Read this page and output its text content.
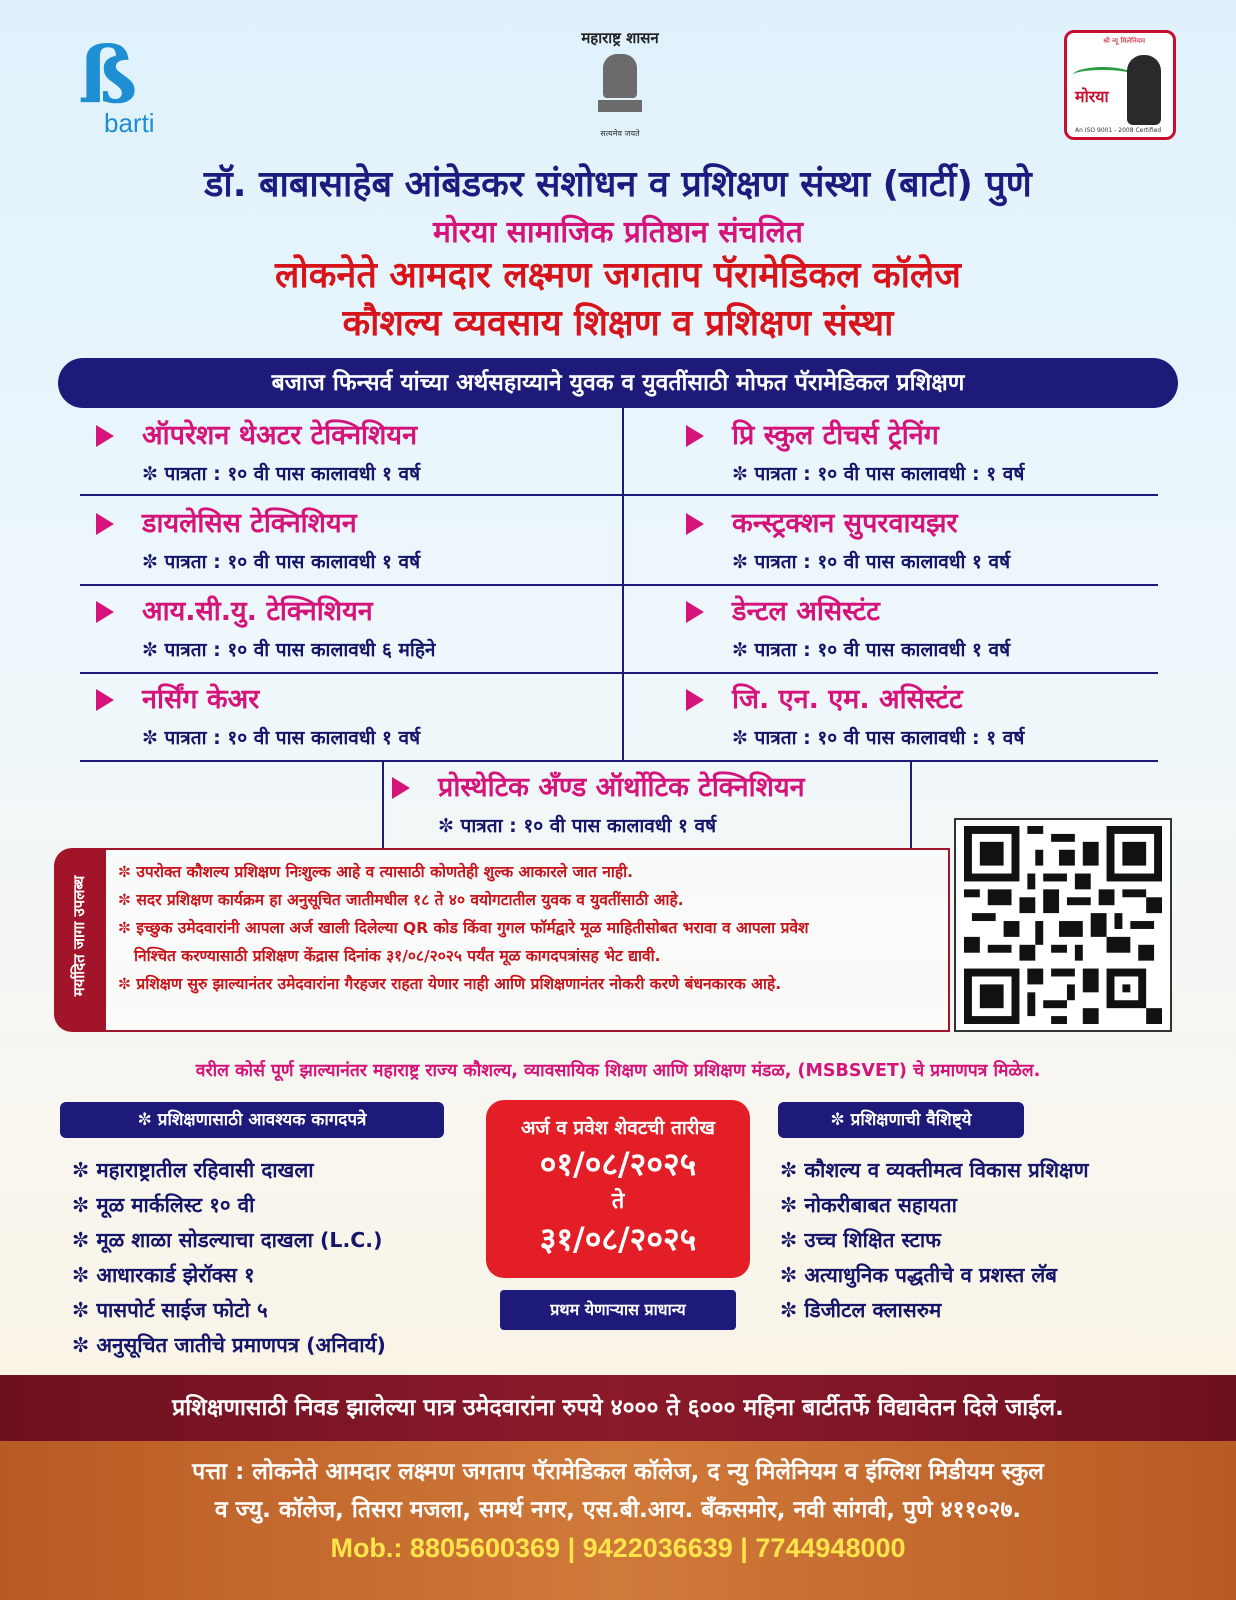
ß
barti
महाराष्ट्र शासन
सत्यमेव जयते
श्री न्यू मिलेनियम
मोरया
An ISO 9001 - 2008 Certified
डॉ. बाबासाहेब आंबेडकर संशोधन व प्रशिक्षण संस्था (बार्टी) पुणे
मोरया सामाजिक प्रतिष्ठान संचलित
लोकनेते आमदार लक्ष्मण जगताप पॅरामेडिकल कॉलेज
कौशल्य व्यवसाय शिक्षण व प्रशिक्षण संस्था
बजाज फिन्सर्व यांच्या अर्थसहाय्याने युवक व युवतींसाठी मोफत पॅरामेडिकल प्रशिक्षण
ऑपरेशन थेअटर टेक्निशियन
✼ पात्रता : १० वी पास कालावधी १ वर्ष
प्रि स्कुल टीचर्स ट्रेनिंग
✼ पात्रता : १० वी पास कालावधी : १ वर्ष
डायलेसिस टेक्निशियन
✼ पात्रता : १० वी पास कालावधी १ वर्ष
कन्स्ट्रक्शन सुपरवायझर
✼ पात्रता : १० वी पास कालावधी १ वर्ष
आय.सी.यु. टेक्निशियन
✼ पात्रता : १० वी पास कालावधी ६ महिने
डेन्टल असिस्टंट
✼ पात्रता : १० वी पास कालावधी १ वर्ष
नर्सिंग केअर
✼ पात्रता : १० वी पास कालावधी १ वर्ष
जि. एन. एम. असिस्टंट
✼ पात्रता : १० वी पास कालावधी : १ वर्ष
प्रोस्थेटिक अँण्ड ऑर्थोटिक टेक्निशियन
✼ पात्रता : १० वी पास कालावधी १ वर्ष
मर्यादित जागा उपलब्ध

✼ उपरोक्त कौशल्य प्रशिक्षण निःशुल्क आहे व त्यासाठी कोणतेही शुल्क आकारले जात नाही.

✼ सदर प्रशिक्षण कार्यक्रम हा अनुसूचित जातीमधील १८ ते ४० वयोगटातील युवक व युवतींसाठी आहे.

✼ इच्छुक उमेदवारांनी आपला अर्ज खाली दिलेल्या QR कोड किंवा गुगल फॉर्मद्वारे मूळ माहितीसोबत भरावा व आपला प्रवेश

निश्चित करण्यासाठी प्रशिक्षण केंद्रास दिनांक ३१/०८/२०२५ पर्यंत मूळ कागदपत्रांसह भेट द्यावी.

✼ प्रशिक्षण सुरु झाल्यानंतर उमेदवारांना गैरहजर राहता येणार नाही आणि प्रशिक्षणानंतर नोकरी करणे बंधनकारक आहे.

वरील कोर्स पूर्ण झाल्यानंतर महाराष्ट्र राज्य कौशल्य, व्यावसायिक शिक्षण आणि प्रशिक्षण मंडळ, (MSBSVET) चे प्रमाणपत्र मिळेल.
✼ प्रशिक्षणासाठी आवश्यक कागदपत्रे
✼ महाराष्ट्रातील रहिवासी दाखला
✼ मूळ मार्कलिस्ट १० वी
✼ मूळ शाळा सोडल्याचा दाखला (L.C.)
✼ आधारकार्ड झेरॉक्स १
✼ पासपोर्ट साईज फोटो ५
✼ अनुसूचित जातीचे प्रमाणपत्र (अनिवार्य)
अर्ज व प्रवेश शेवटची तारीख
०१/०८/२०२५
ते
३१/०८/२०२५
प्रथम येणाऱ्यास प्राधान्य
✼ प्रशिक्षणाची वैशिष्ट्ये
✼ कौशल्य व व्यक्तीमत्व विकास प्रशिक्षण
✼ नोकरीबाबत सहायता
✼ उच्च शिक्षित स्टाफ
✼ अत्याधुनिक पद्धतीचे व प्रशस्त लॅब
✼ डिजीटल क्लासरुम
प्रशिक्षणासाठी निवड झालेल्या पात्र उमेदवारांना रुपये ४००० ते ६००० महिना बार्टीतर्फे विद्यावेतन दिले जाईल.
पत्ता : लोकनेते आमदार लक्ष्मण जगताप पॅरामेडिकल कॉलेज, द न्यु मिलेनियम व इंग्लिश मिडीयम स्कुल
व ज्यु. कॉलेज, तिसरा मजला, समर्थ नगर, एस.बी.आय. बँकसमोर, नवी सांगवी, पुणे ४११०२७.
Mob.: 8805600369 | 9422036639 | 7744948000
